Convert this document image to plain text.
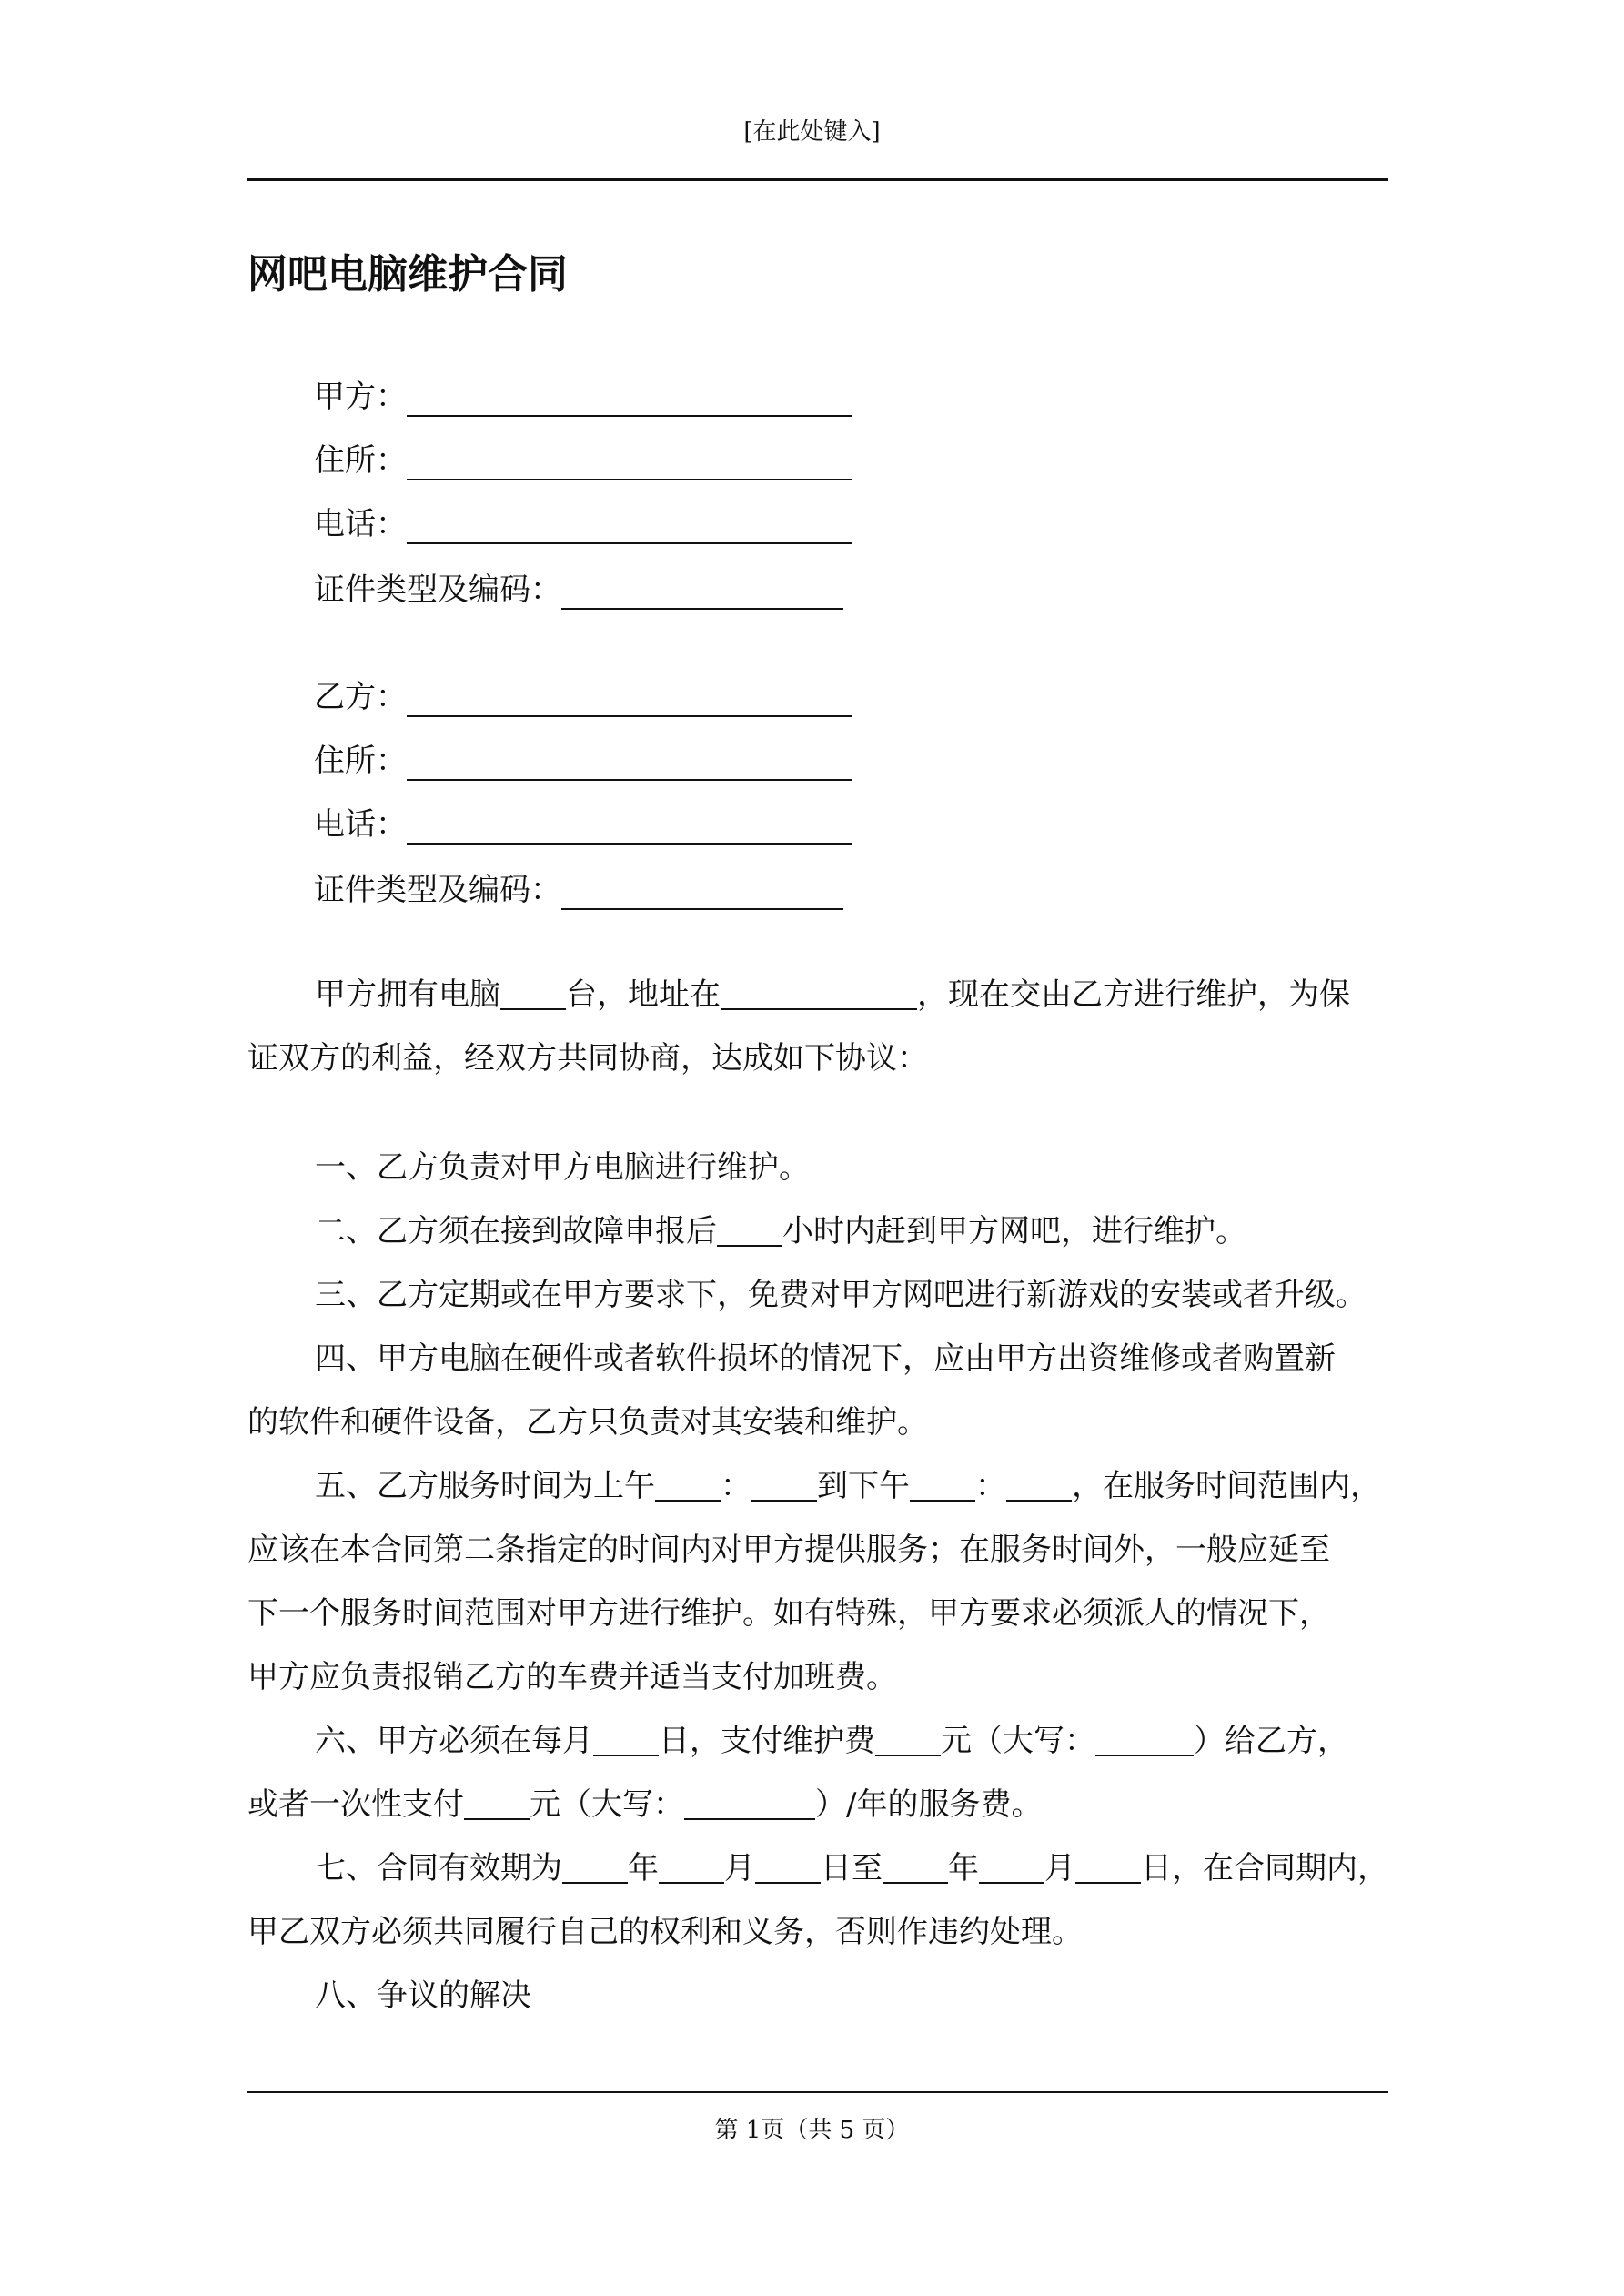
[在此处键入]
网吧电脑维护合同
甲方：
住所：
电话：
证件类型及编码：
乙方：
住所：
电话：
证件类型及编码：
甲方拥有电脑 台，地址在	，现在交由乙方进行维护，为保
证双方的利益，经双方共同协商，达成如下协议：
一、乙方负责对甲方电脑进行维护。
二、乙方须在接到故障申报后 小时内赶到甲方网吧，进行维护。
三、乙方定期或在甲方要求下，免费对甲方网吧进行新游戏的安装或者升级。
四、甲方电脑在硬件或者软件损坏的情况下，应由甲方出资维修或者购置新
的软件和硬件设备，乙方只负责对其安装和维护。
五、乙方服务时间为上午 ： 到下午 ： ，在服务时间范围内，
应该在本合同第二条指定的时间内对甲方提供服务；在服务时间外，一般应延至
下一个服务时间范围对甲方进行维护。如有特殊，甲方要求必须派人的情况下，
甲方应负责报销乙方的车费并适当支付加班费。
六、甲方必须在每月 日，支付维护费 元（大写：	）给乙方，
或者一次性支付 元（大写：	）/年的服务费。
七、合同有效期为 年 月 日至 年 月 日，在合同期内，
甲乙双方必须共同履行自己的权利和义务，否则作违约处理。
八、争议的解决
第 1页（共 5 页）
